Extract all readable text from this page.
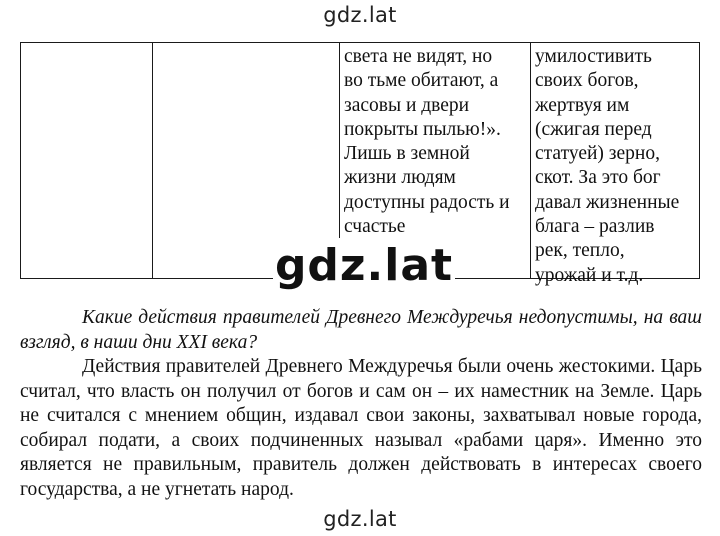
gdz.lat
света не видят, но
во тьме обитают, а
засовы и двери
покрыты пылью!».
Лишь в земной
жизни людям
доступны радость и
счастье
умилостивить
своих богов,
жертвуя им
(сжигая перед
статуей) зерно,
скот. За это бог
давал жизненные
блага – разлив
рек, тепло,
урожай и т.д.
gdz.lat
Какие действия правителей Древнего Междуречья недопустимы, на ваш взгляд, в наши дни XXI века?
Действия правителей Древнего Междуречья были очень жестокими. Царь считал, что власть он получил от богов и сам он – их наместник на Земле. Царь не считался с мнением общин, издавал свои законы, захватывал новые города, собирал подати, а своих подчиненных называл «рабами царя». Именно это является не правильным, правитель должен действовать в интересах своего государства, а не угнетать народ.
gdz.lat
